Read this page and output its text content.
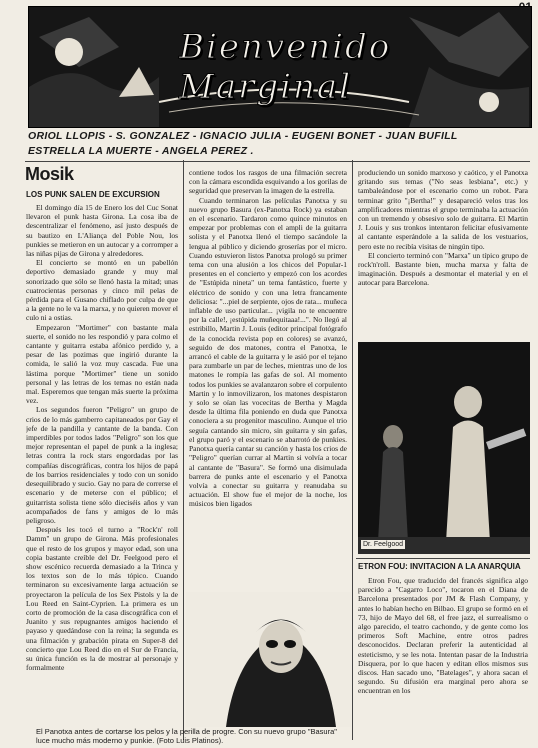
Bienvenido Marginal
ORIOL LLOPIS - S. GONZALEZ - IGNACIO JULIA - EUGENI BONET - JUAN BUFILL
ESTRELLA LA MUERTE - ANGELA PEREZ .
Mosik
LOS PUNK SALEN DE EXCURSION

El domingo día 15 de Enero los del Cuc Sonat llevaron el punk hasta Girona. La cosa iba de descentralizar el fenómeno, así justo después de su bautizo en L'Aliança del Poble Nou, los punkies se metieron en un autocar y a corromper a las niñas pijas de Girona y alrededores.

El concierto se montó en un pabellón deportivo demasiado grande y muy mal sonorizado que sólo se llenó hasta la mitad; unas cuatrocientas personas y cinco mil pelas de pérdida para el Gusano chiflado por culpa de que a la gente no le va la marxa, y no quieren mover el culo ni a ostias.

Empezaron "Mortimer" con bastante mala suerte, el sonido no les respondió y para colmo el cantante y guitarra estaba afónico perdido y, a pesar de las pozimas que ingirió durante la comida, le salió la voz muy cascada. Fue una lástima porque "Mortimer" tiene un sonido personal y las letras de los temas no están nada mal. Esperemos que tengan más suerte la próxima vez.

Los segundos fueron "Peligro" un grupo de crios de lo más gamberro capitaneados por Gay el jefe de la pandilla y cantante de la banda. Con imperdibles por todos lados "Peligro" son los que mejor representan el papel de punk a la inglesa; letras contra la rock stars engordadas por las compañías discográficas, contra los hijos de papá de los barrios residenciales y todo con un sonido desequilibrado y sucio. Gay no para de correrse el escenario y de meterse con el público; el guitarrista solista tiene sólo dieciséis años y van acompañados de fans y amigos de lo más peligroso.

Después les tocó el turno a "Rock'n' roll Damm" un grupo de Girona. Más profesionales que el resto de los grupos y mayor edad, son una copia bastante creíble del Dr. Feelgood pero el show escénico recuerda demasiado a la Trinca y los textos son de lo más tópico. Cuando terminaron su excesivamente larga actuación se proyectaron la película de los Sex Pistols y la de Lou Reed en Saint-Cyprien. La primera es un corto de promoción de la casa discográfica con el Juanito y sus repugnantes amigos haciendo el payaso y quedándose con la reina; la segunda es una filmación y grabación pirata en Super-8 del concierto que Lou Reed dio en el Sur de Francia, su única función es la de mostrar al personaje y formalmente

contiene todos los rasgos de una filmación secreta con la cámara escondida esquivando a los gorilas de seguridad que preservan la imagen de la estrella.

Cuando terminaron las películas Panotxa y su nuevo grupo Basura (ex-Panotxa Rock) ya estaban en el escenario. Tardaron como quince minutos en empezar por problemas con el ampli de la guitarra solista y el Panotxa llenó el tiempo sacándole la lengua al público y diciendo groserías por el micro. Cuando estuvieron listos Panotxa prologó su primer tema con una alusión a los chicos del Popular-1 presentes en el concierto y empezó con los acordes de "Estúpida nineta" un tema fantástico, fuerte y eléctrico de sonido y con una letra francamente deliciosa: "...piel de serpiente, ojos de rata... muñeca inflable de uso particular... ¡vigila no te encuentre por la calle!, ¡estúpida muñequitaaa!...". No llegó al estribillo, Martin J. Louis (editor principal fotógrafo de la conocida revista pop en colores) se avanzó, seguido de dos matones, contra el Panotxa, le arrancó el cable de la guitarra y le asió por el tejano para zumbarle un par de leches, mientras uno de los matones le rompía las gafas de sol. Al momento todos los punkies se avalanzaron sobre el corpulento Martin y lo inmovilizaron, los matones despistaron y solo se oían las vocecitas de Bertha y Magda desde la última fila poniendo en duda que Panotxa conociera a su progenitor masculino. Aunque el trio seguía cantando sin micro, sin guitarra y sin gafas, el grupo paró y el escenario se abarrotó de punkies. Panotxa quería cantar su canción y hasta los crios de "Peligro" querían currar al Martin si volvía a tocar al cantante de "Basura". Se formó una disimulada barrera de punks ante el escenario y el Panotxa volvía a conectar su guitarra y reanudaba su actuación. El show fue el mejor de la noche, los músicos bien ligados

El Panotxa antes de cortarse los pelos y la perilla de progre. Con su nuevo grupo "Basura" luce mucho más moderno y punkie. (Foto Luis Platinos).

produciendo un sonido marxoso y caótico, y el Panotxa gritando sus temas ("No seas lesbiana", etc.) y tambaleándose por el escenario como un robot. Para terminar grito "¡Bertha!" y desapareció velos tras los amplificadores mientras el grupo terminaba la actuación con un tremendo y obsesivo solo de guitarra. El Martin J. Louis y sus tronkos intentaron felicitar efusivamente al cantante esperándole a la salida de los vestuarios, pero este no recibía visitas de ningún tipo.

El concierto terminó con "Marxa" un típico grupo de rock'n'roll. Bastante bien, mucha marxa y falta de imaginación. Después a desmontar el material y en el autocar para Barcelona.

Dr. Feelgood
ETRON FOU: INVITACION A LA ANARQUIA

Etron Fou, que traducido del francés significa algo parecido a "Cagarro Loco", tocaron en el Diana de Barcelona presentados por JM & Flash Company, y antes lo habían hecho en Bilbao. El grupo se formó en el 73, hijo de Mayo del 68, el free jazz, el surrealismo o algo parecido, el teatro cachondo, y de gente como los primeros Soft Machine, entre otros padres desconocidos. Declaran preferir la autenticidad al esteticismo, y se les nota. Intentan pasar de la Industria Disquera, por lo que hacen y editan ellos mismos sus discos. Han sacado uno, "Batelages", y ahora sacan el segundo. Su difusión era marginal pero ahora se encuentran en los
